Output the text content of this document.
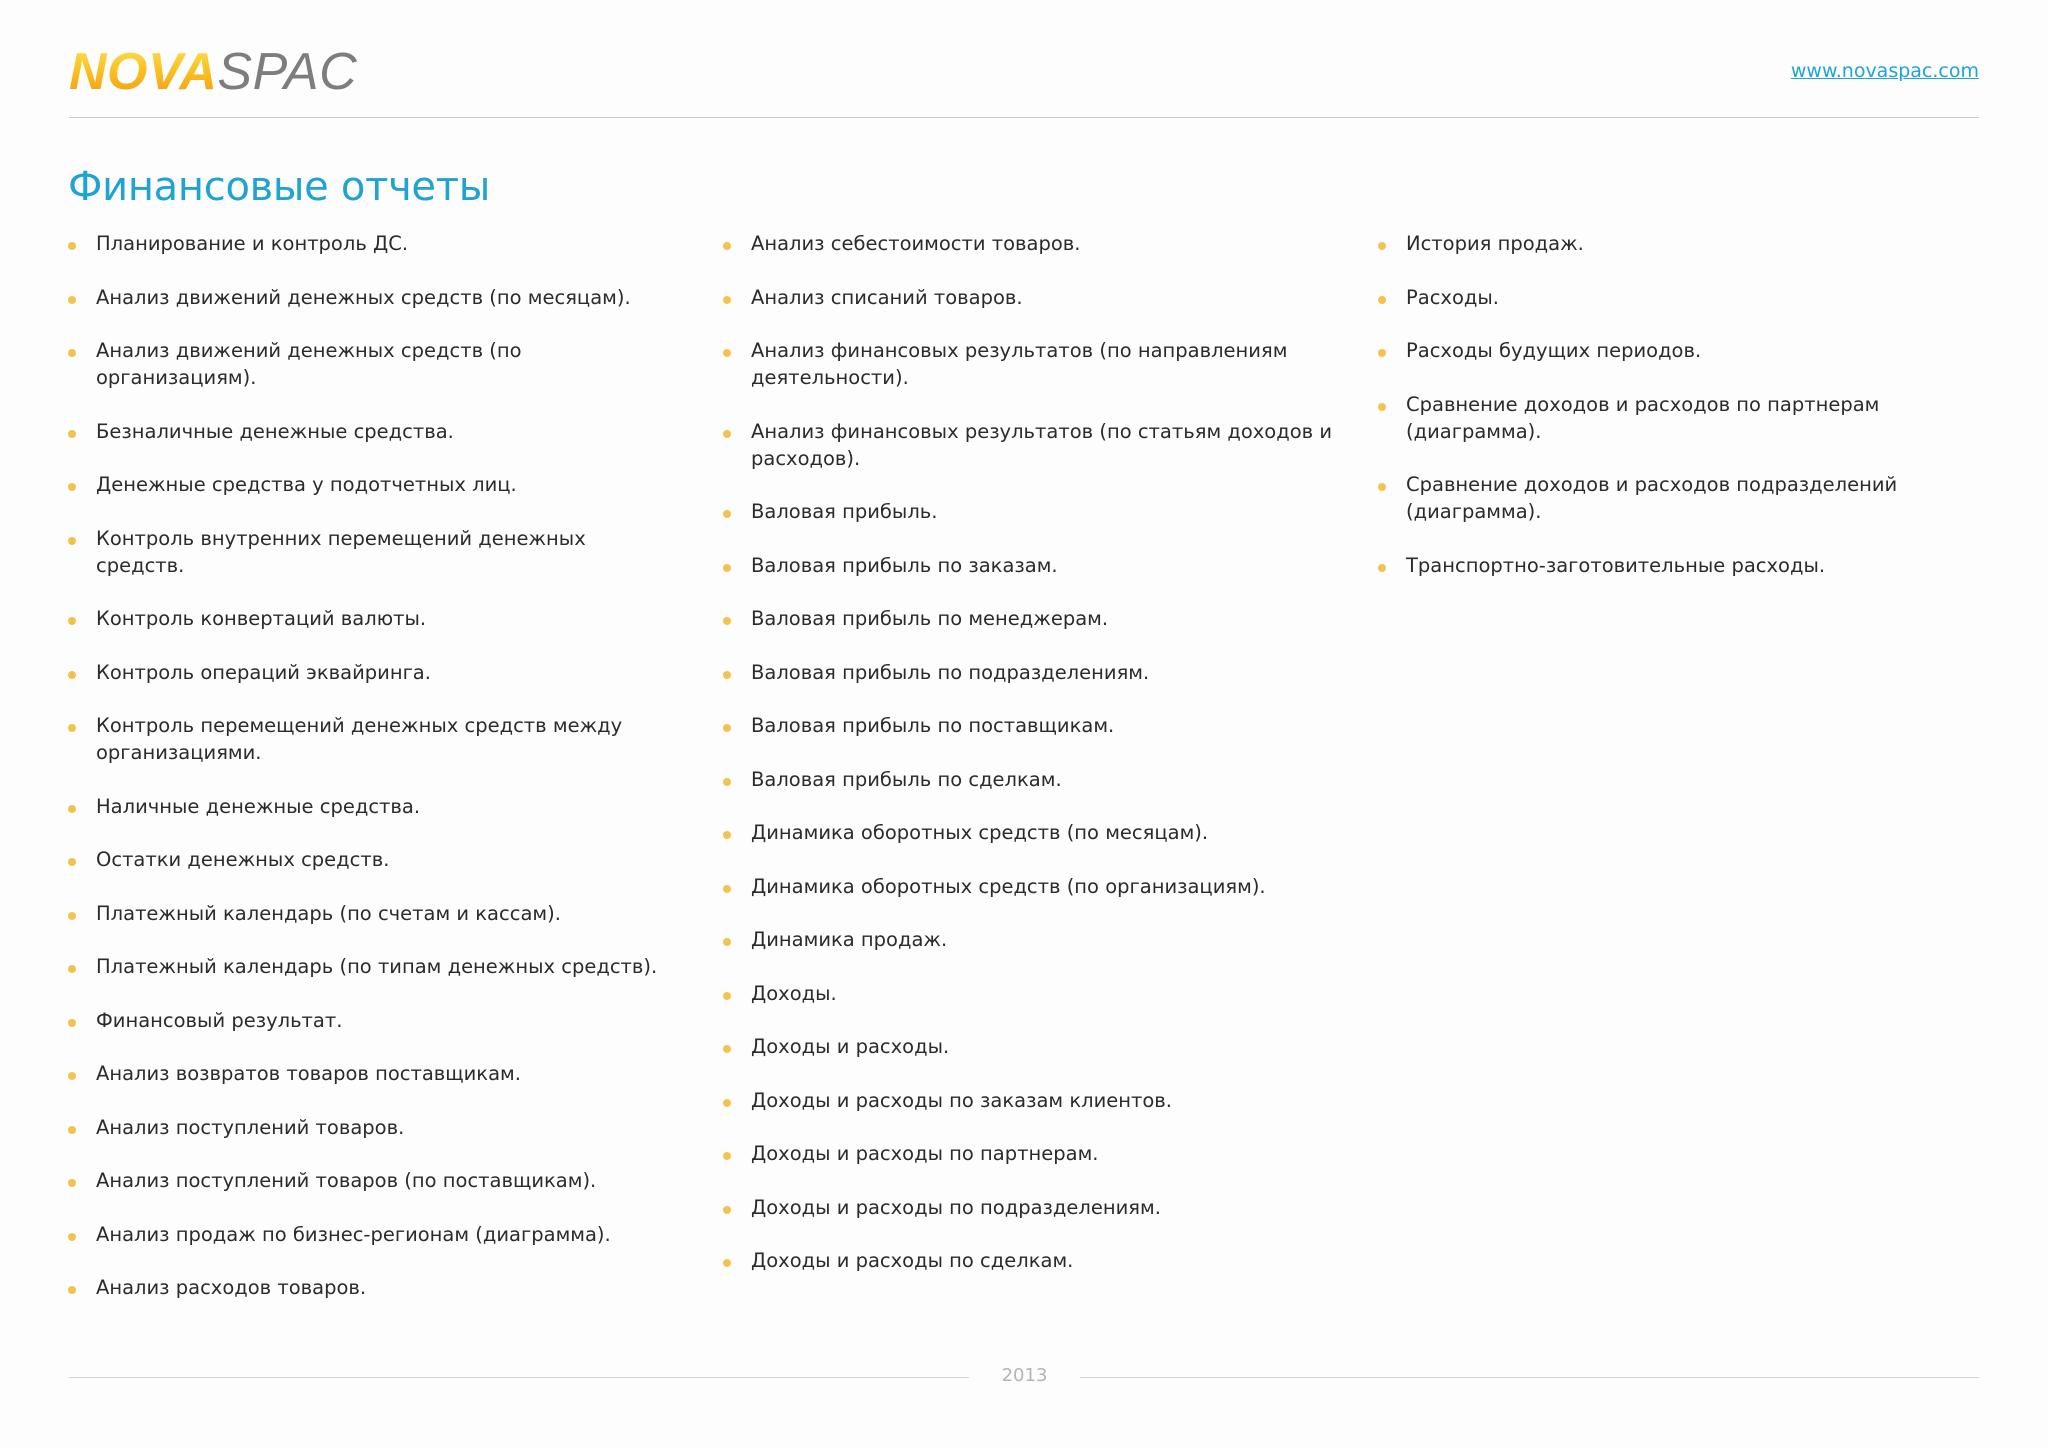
NOVA SPAC	www.novaspac.com
Финансовые отчеты
Планирование и контроль ДС.
Анализ движений денежных средств (по месяцам).
Анализ движений денежных средств (по организациям).
Безналичные денежные средства.
Денежные средства у подотчетных лиц.
Контроль внутренних перемещений денежных средств.
Контроль конвертаций валюты.
Контроль операций эквайринга.
Контроль перемещений денежных средств между организациями.
Наличные денежные средства.
Остатки денежных средств.
Платежный календарь (по счетам и кассам).
Платежный календарь (по типам денежных средств).
Финансовый результат.
Анализ возвратов товаров поставщикам.
Анализ поступлений товаров.
Анализ поступлений товаров (по поставщикам).
Анализ продаж по бизнес-регионам (диаграмма).
Анализ расходов товаров.
Анализ себестоимости товаров.
Анализ списаний товаров.
Анализ финансовых результатов (по направлениям деятельности).
Анализ финансовых результатов (по статьям доходов и расходов).
Валовая прибыль.
Валовая прибыль по заказам.
Валовая прибыль по менеджерам.
Валовая прибыль по подразделениям.
Валовая прибыль по поставщикам.
Валовая прибыль по сделкам.
Динамика оборотных средств (по месяцам).
Динамика оборотных средств (по организациям).
Динамика продаж.
Доходы.
Доходы и расходы.
Доходы и расходы по заказам клиентов.
Доходы и расходы по партнерам.
Доходы и расходы по подразделениям.
Доходы и расходы по сделкам.
История продаж.
Расходы.
Расходы будущих периодов.
Сравнение доходов и расходов по партнерам (диаграмма).
Сравнение доходов и расходов подразделений (диаграмма).
Транспортно-заготовительные расходы.
2013
